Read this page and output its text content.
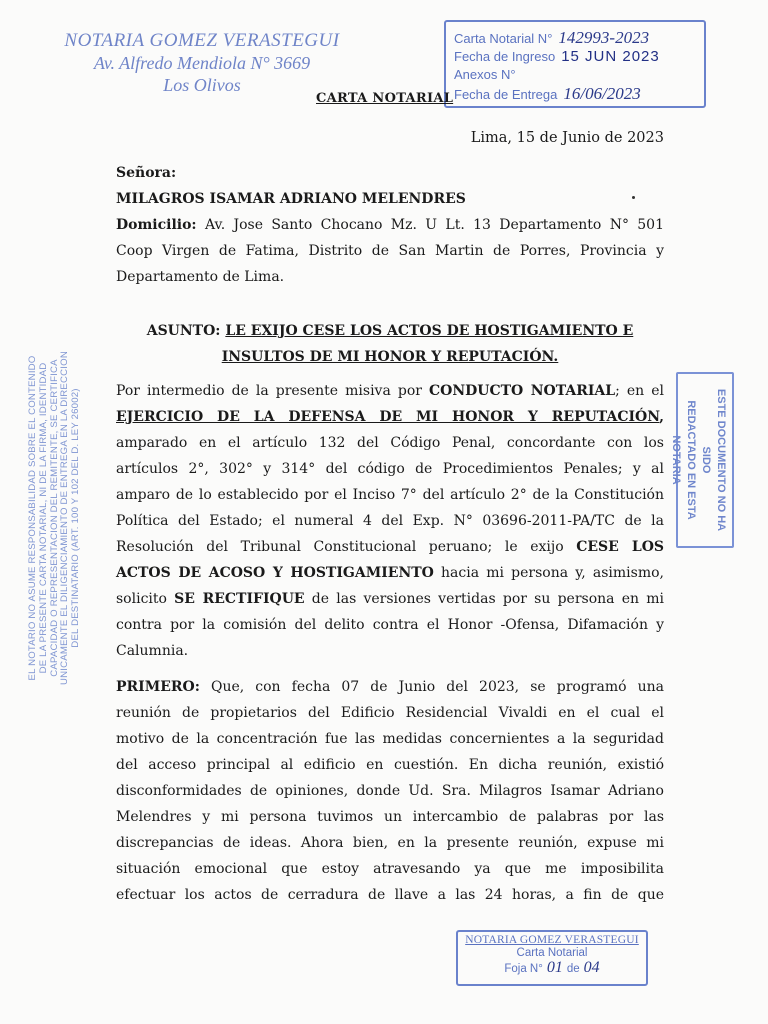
NOTARIA GOMEZ VERASTEGUI
Av. Alfredo Mendiola N° 3669
Los Olivos
Carta Notarial N° 142993-2023
Fecha de Ingreso 15 JUN 2023
Anexos N°
Fecha de Entrega 16/06/2023
CARTA NOTARIAL
Lima, 15 de Junio de 2023
Señora:
MILAGROS ISAMAR ADRIANO MELENDRES
Domicilio: Av. Jose Santo Chocano Mz. U Lt. 13 Departamento N° 501
Coop Virgen de Fatima, Distrito de San Martin de Porres, Provincia y
Departamento de Lima.
ASUNTO: LE EXIJO CESE LOS ACTOS DE HOSTIGAMIENTO E
INSULTOS DE MI HONOR Y REPUTACIÓN.
Por intermedio de la presente misiva por CONDUCTO NOTARIAL; en el
EJERCICIO DE LA DEFENSA DE MI HONOR Y REPUTACIÓN,
amparado en el artículo 132 del Código Penal, concordante con los
artículos 2°, 302° y 314° del código de Procedimientos Penales; y al
amparo de lo establecido por el Inciso 7° del artículo 2° de la Constitución
Política del Estado; el numeral 4 del Exp. N° 03696-2011-PA/TC de la
Resolución del Tribunal Constitucional peruano; le exijo CESE LOS
ACTOS DE ACOSO Y HOSTIGAMIENTO hacia mi persona y, asimismo,
solicito SE RECTIFIQUE de las versiones vertidas por su persona en mi
contra por la comisión del delito contra el Honor -Ofensa, Difamación y
Calumnia.
PRIMERO: Que, con fecha 07 de Junio del 2023, se programó una
reunión de propietarios del Edificio Residencial Vivaldi en el cual el
motivo de la concentración fue las medidas concernientes a la seguridad
del acceso principal al edificio en cuestión. En dicha reunión, existió
disconformidades de opiniones, donde Ud. Sra. Milagros Isamar Adriano
Melendres y mi persona tuvimos un intercambio de palabras por las
discrepancias de ideas. Ahora bien, en la presente reunión, expuse mi
situación emocional que estoy atravesando ya que me imposibilita
efectuar los actos de cerradura de llave a las 24 horas, a fin de que
EL NOTARIO NO ASUME RESPONSABILIDAD SOBRE EL CONTENIDO DE LA PRESENTE CARTA NOTARIAL, NI DE LA FIRMA, IDENTIDAD CAPACIDAD O REPRESENTACION DEL REMITENTE, SE CERTIFICA UNICAMENTE EL DILIGENCIAMIENTO DE ENTREGA EN LA DIRECCION DEL DESTINATARIO (ART. 100 Y 102 DEL D. LEY 26002)	ESTE DOCUMENTO NO HA SIDO
REDACTADO EN ESTA NOTARIA
NOTARIA GOMEZ VERASTEGUI
Carta Notarial
Foja N° 01 de 04
